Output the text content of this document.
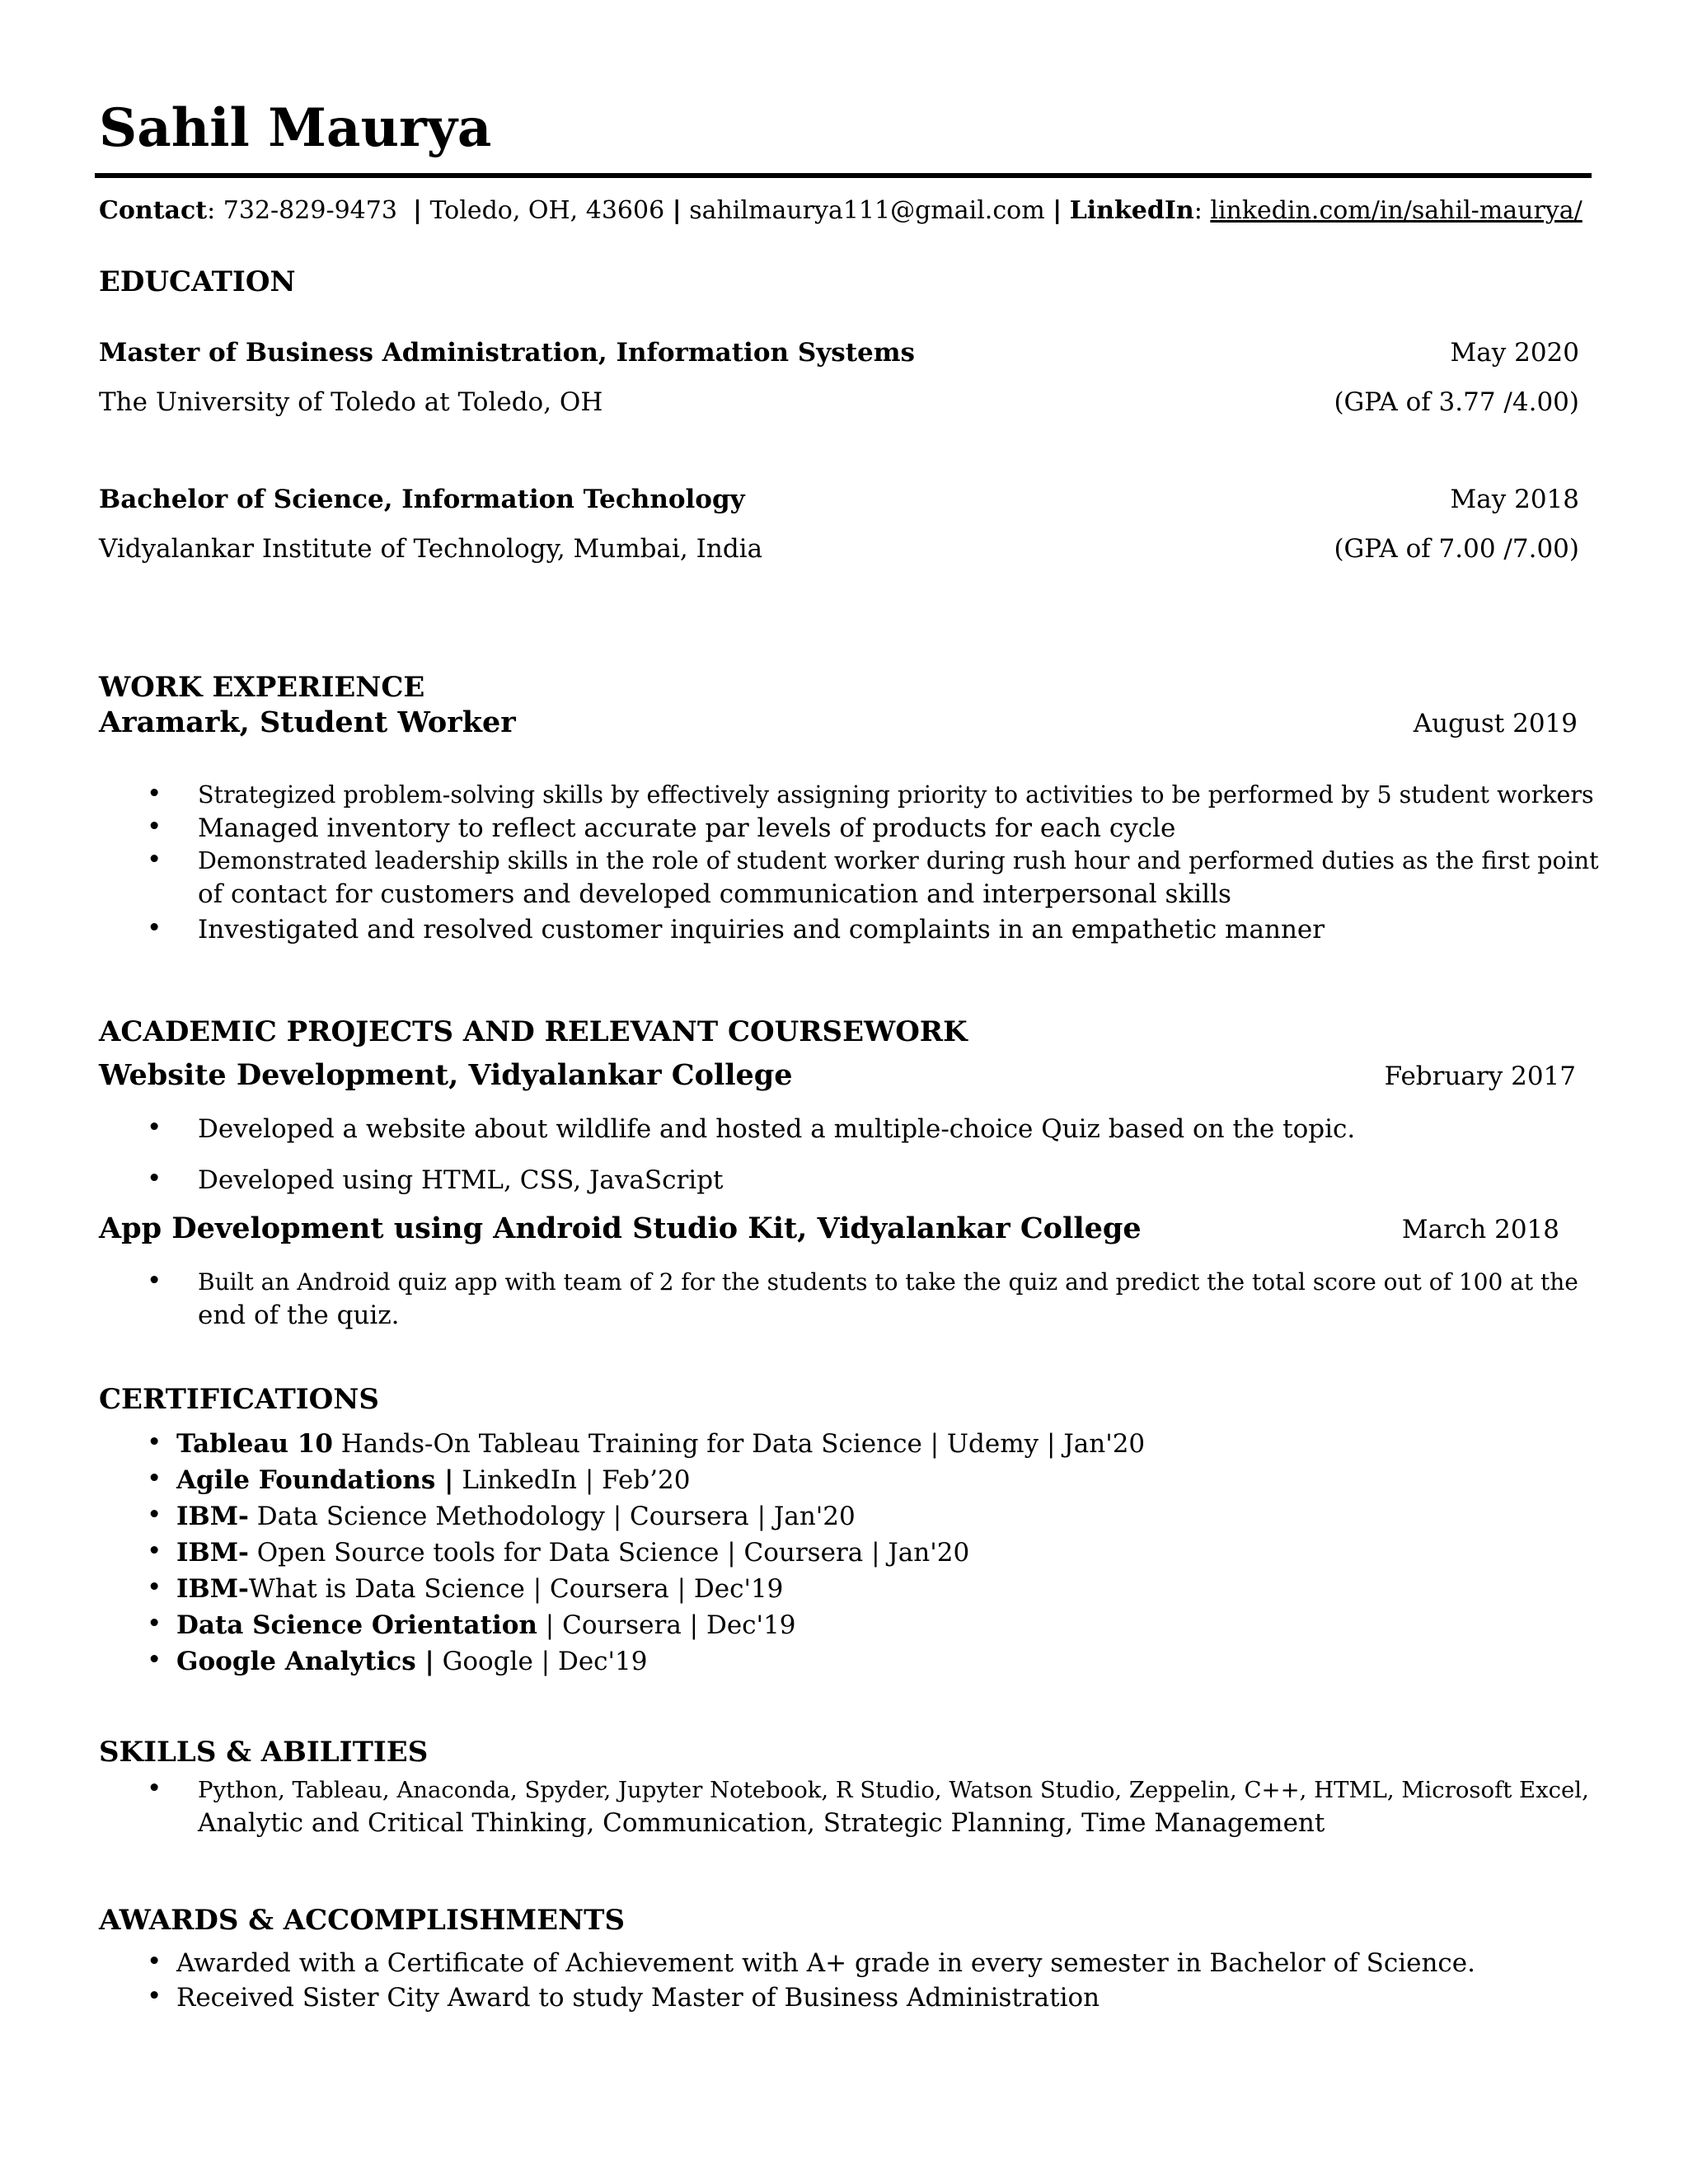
Sahil Maurya
Contact: 732-829-9473 | Toledo, OH, 43606 | sahilmaurya111@gmail.com | LinkedIn: linkedin.com/in/sahil-maurya/
EDUCATION
Master of Business Administration, Information Systems	May 2020
The University of Toledo at Toledo, OH	(GPA of 3.77 /4.00)
Bachelor of Science, Information Technology	May 2018
Vidyalankar Institute of Technology, Mumbai, India	(GPA of 7.00 /7.00)
WORK EXPERIENCE
Aramark, Student Worker	August 2019
• Strategized problem-solving skills by effectively assigning priority to activities to be performed by 5 student workers
• Managed inventory to reflect accurate par levels of products for each cycle
• Demonstrated leadership skills in the role of student worker during rush hour and performed duties as the first point
of contact for customers and developed communication and interpersonal skills
• Investigated and resolved customer inquiries and complaints in an empathetic manner
ACADEMIC PROJECTS AND RELEVANT COURSEWORK
Website Development, Vidyalankar College	February 2017
• Developed a website about wildlife and hosted a multiple-choice Quiz based on the topic.
• Developed using HTML, CSS, JavaScript
App Development using Android Studio Kit, Vidyalankar College	March 2018
• Built an Android quiz app with team of 2 for the students to take the quiz and predict the total score out of 100 at the
end of the quiz.
CERTIFICATIONS
• Tableau 10 Hands-On Tableau Training for Data Science | Udemy | Jan'20
• Agile Foundations | LinkedIn | Feb’20
• IBM- Data Science Methodology | Coursera | Jan'20
• IBM- Open Source tools for Data Science | Coursera | Jan'20
• IBM-What is Data Science | Coursera | Dec'19
• Data Science Orientation | Coursera | Dec'19
• Google Analytics | Google | Dec'19
SKILLS & ABILITIES
• Python, Tableau, Anaconda, Spyder, Jupyter Notebook, R Studio, Watson Studio, Zeppelin, C++, HTML, Microsoft Excel,
Analytic and Critical Thinking, Communication, Strategic Planning, Time Management
AWARDS & ACCOMPLISHMENTS
• Awarded with a Certificate of Achievement with A+ grade in every semester in Bachelor of Science.
• Received Sister City Award to study Master of Business Administration
